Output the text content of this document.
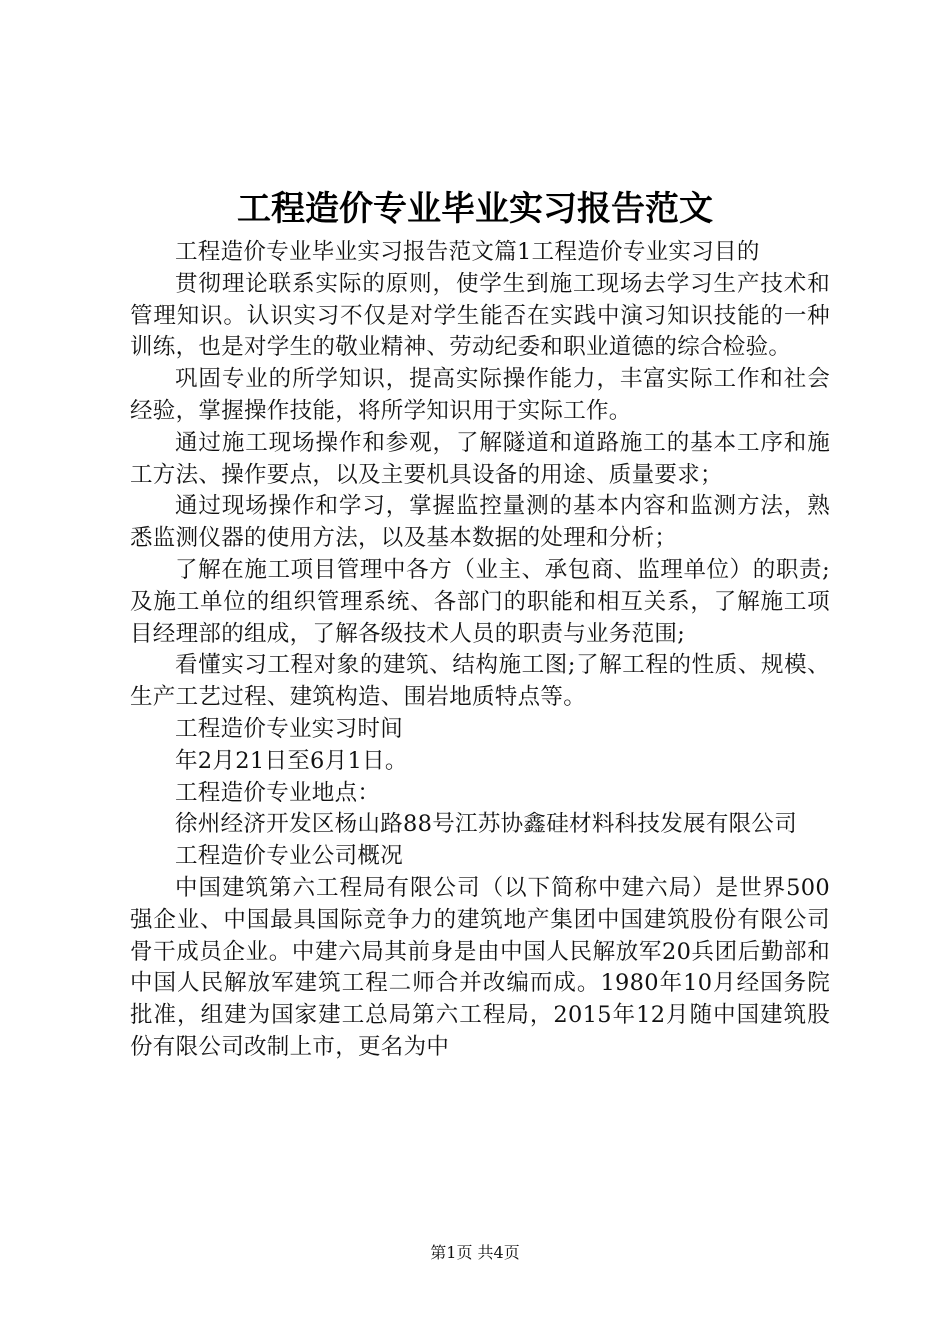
工程造价专业毕业实习报告范文

工程造价专业毕业实习报告范文篇1工程造价专业实习目的

贯彻理论联系实际的原则，使学生到施工现场去学习生产技术和管理知识。认识实习不仅是对学生能否在实践中演习知识技能的一种训练，也是对学生的敬业精神、劳动纪委和职业道德的综合检验。

巩固专业的所学知识，提高实际操作能力，丰富实际工作和社会经验，掌握操作技能，将所学知识用于实际工作。

通过施工现场操作和参观，了解隧道和道路施工的基本工序和施工方法、操作要点，以及主要机具设备的用途、质量要求；

通过现场操作和学习，掌握监控量测的基本内容和监测方法，熟悉监测仪器的使用方法，以及基本数据的处理和分析；

了解在施工项目管理中各方（业主、承包商、监理单位）的职责;及施工单位的组织管理系统、各部门的职能和相互关系，了解施工项目经理部的组成，了解各级技术人员的职责与业务范围;

看懂实习工程对象的建筑、结构施工图;了解工程的性质、规模、生产工艺过程、建筑构造、围岩地质特点等。

工程造价专业实习时间

年2月21日至6月1日。

工程造价专业地点：

徐州经济开发区杨山路88号江苏协鑫硅材料科技发展有限公司

工程造价专业公司概况

中国建筑第六工程局有限公司（以下简称中建六局）是世界500强企业、中国最具国际竞争力的建筑地产集团中国建筑股份有限公司骨干成员企业。中建六局其前身是由中国人民解放军20兵团后勤部和中国人民解放军建筑工程二师合并改编而成。1980年10月经国务院批准，组建为国家建工总局第六工程局，2015年12月随中国建筑股份有限公司改制上市，更名为中

第1页 共4页
